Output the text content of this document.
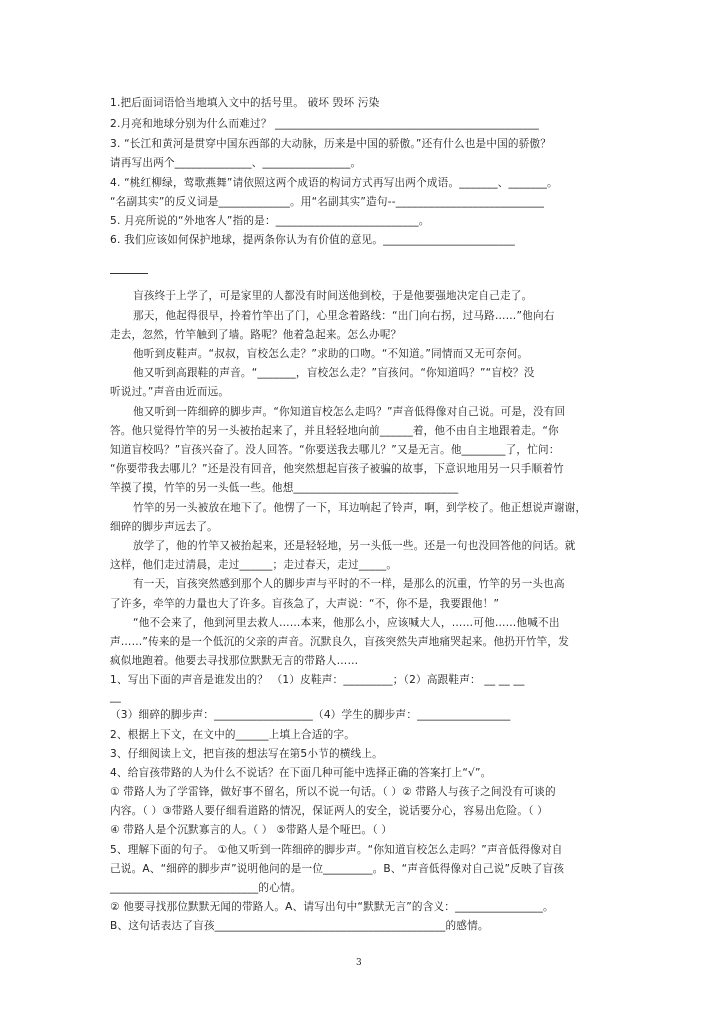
1.把后面词语恰当地填入文中的括号里。 破坏 毁坏 污染
2.月亮和地球分别为什么而难过？ ________________________________________________
3. “长江和黄河是贯穿中国东西部的大动脉，历来是中国的骄傲。”还有什么也是中国的骄傲？
请再写出两个______________、________________。
4. “桃红柳绿，莺歌燕舞”请依照这两个成语的构词方式再写出两个成语。_______、_______。
“名副其实”的反义词是_____________。用“名副其实”造句--___________________________
5. 月亮所说的“外地客人”指的是：__________________________。
6. 我们应该如何保护地球，提两条你认为有价值的意见。________________________
盲孩终于上学了，可是家里的人都没有时间送他到校，于是他要强地决定自己走了。
那天，他起得很早，拎着竹竿出了门，心里念着路线：“出门向右拐，过马路……”他向右
走去，忽然，竹竿触到了墙。路呢？他着急起来。怎么办呢？
他听到皮鞋声。“叔叔，盲校怎么走？”求助的口吻。“不知道。”同情而又无可奈何。
他又听到高跟鞋的声音。“_______，盲校怎么走？”盲孩问。“你知道吗？”“盲校？没
听说过。”声音由近而远。
他又听到一阵细碎的脚步声。“你知道盲校怎么走吗？”声音低得像对自己说。可是，没有回
答。他只觉得竹竿的另一头被抬起来了，并且轻轻地向前______着，他不由自主地跟着走。“你
知道盲校吗？”盲孩兴奋了。没人回答。“你要送我去哪儿？”又是无言。他________了，忙问：
“你要带我去哪儿？”还是没有回音，他突然想起盲孩子被骗的故事，下意识地用另一只手顺着竹
竿摸了摸，竹竿的另一头低一些。他想______________________________
竹竿的另一头被放在地下了。他愣了一下，耳边响起了铃声，啊，到学校了。他正想说声谢谢，
细碎的脚步声远去了。
放学了，他的竹竿又被抬起来，还是轻轻地，另一头低一些。还是一句也没回答他的问话。就
这样，他们走过清晨，走过______；走过春天，走过_____。
有一天，盲孩突然感到那个人的脚步声与平时的不一样，是那么的沉重，竹竿的另一头也高
了许多，牵竿的力量也大了许多。盲孩急了，大声说：“不，你不是，我要跟他！”
“他不会来了，他到河里去救人……本来，他那么小，应该喊大人，……可他……他喊不出
声……”传来的是一个低沉的父亲的声音。沉默良久，盲孩突然失声地痛哭起来。他扔开竹竿，发
疯似地跑着。他要去寻找那位默默无言的带路人……
1、写出下面的声音是谁发出的？ （1）皮鞋声：_________；（2）高跟鞋声： __ __ __
__
（3）细碎的脚步声：__________________（4）学生的脚步声：_________________
2、根据上下文，在文中的______上填上合适的字。
3、仔细阅读上文，把盲孩的想法写在第5小节的横线上。
4、给盲孩带路的人为什么不说话？在下面几种可能中选择正确的答案打上“√”。
① 带路人为了学雷锋，做好事不留名，所以不说一句话。（ ）② 带路人与孩子之间没有可谈的
内容。（ ）③带路人要仔细看道路的情况，保证两人的安全，说话要分心，容易出危险。（ ）
④ 带路人是个沉默寡言的人。（ ） ⑤带路人是个哑巴。（ ）
5、理解下面的句子。 ①他又听到一阵细碎的脚步声。“你知道盲校怎么走吗？”声音低得像对自
己说。A、“细碎的脚步声”说明他问的是一位_________。B、“声音低得像对自己说”反映了盲孩
___________________________的心情。
② 他要寻找那位默默无闻的带路人。A、请写出句中“默默无言”的含义：________________。
B、这句话表达了盲孩__________________________________________的感情。
3
